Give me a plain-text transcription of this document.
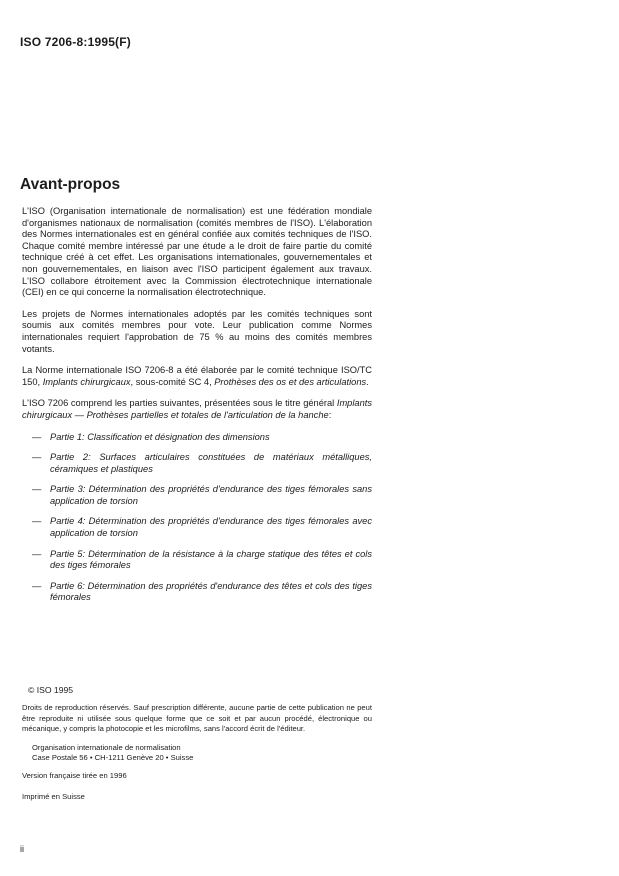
ISO 7206-8:1995(F)
Avant-propos

L'ISO (Organisation internationale de normalisation) est une fédération mondiale d'organismes nationaux de normalisation (comités membres de l'ISO). L'élaboration des Normes internationales est en général confiée aux comités techniques de l'ISO. Chaque comité membre intéressé par une étude a le droit de faire partie du comité technique créé à cet effet. Les organisations internationales, gouvernementales et non gouvernementales, en liaison avec l'ISO participent également aux travaux. L'ISO collabore étroitement avec la Commission électrotechnique internationale (CEI) en ce qui concerne la normalisation électrotechnique.

Les projets de Normes internationales adoptés par les comités techniques sont soumis aux comités membres pour vote. Leur publication comme Normes internationales requiert l'approbation de 75 % au moins des comités membres votants.

La Norme internationale ISO 7206-8 a été élaborée par le comité technique ISO/TC 150, Implants chirurgicaux, sous-comité SC 4, Prothèses des os et des articulations.

L'ISO 7206 comprend les parties suivantes, présentées sous le titre général Implants chirurgicaux — Prothèses partielles et totales de l'articulation de la hanche:

— Partie 1: Classification et désignation des dimensions
— Partie 2: Surfaces articulaires constituées de matériaux métalliques, céramiques et plastiques
— Partie 3: Détermination des propriétés d'endurance des tiges fémorales sans application de torsion
— Partie 4: Détermination des propriétés d'endurance des tiges fémorales avec application de torsion
— Partie 5: Détermination de la résistance à la charge statique des têtes et cols des tiges fémorales
— Partie 6: Détermination des propriétés d'endurance des têtes et cols des tiges fémorales
© ISO 1995
Droits de reproduction réservés. Sauf prescription différente, aucune partie de cette publication ne peut être reproduite ni utilisée sous quelque forme que ce soit et par aucun procédé, électronique ou mécanique, y compris la photocopie et les microfilms, sans l'accord écrit de l'éditeur.
Organisation internationale de normalisation
Case Postale 56 • CH-1211 Genève 20 • Suisse
Version française tirée en 1996
Imprimé en Suisse
ii
